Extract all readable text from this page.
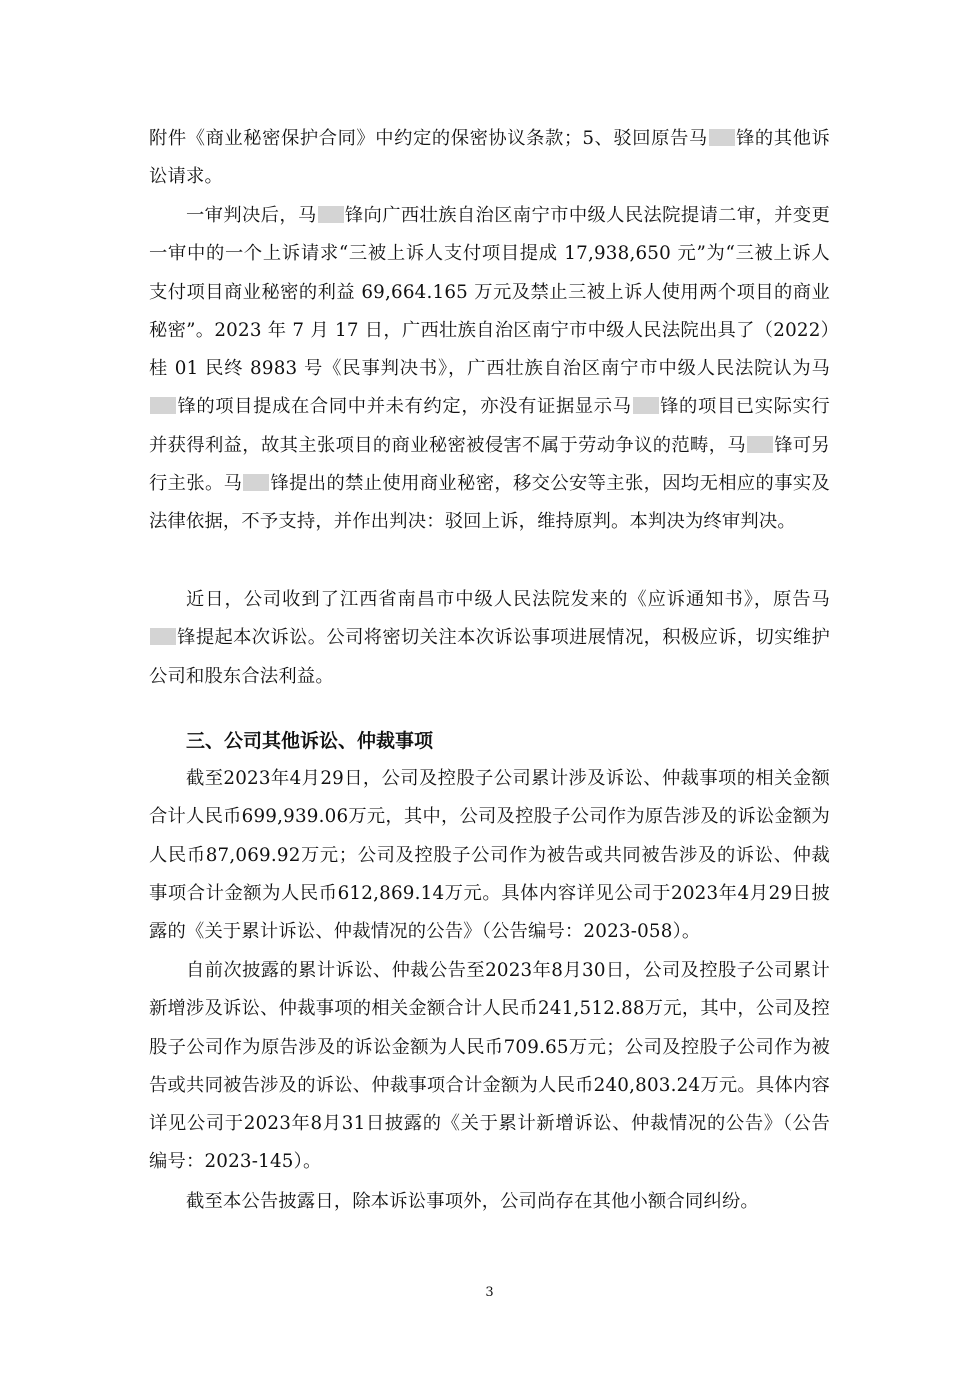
附件《商业秘密保护合同》中约定的保密协议条款；5、驳回原告马 锋的其他诉讼请求。

一审判决后，马 锋向广西壮族自治区南宁市中级人民法院提请二审，并变更一审中的一个上诉请求“三被上诉人支付项目提成 17,938,650 元”为“三被上诉人支付项目商业秘密的利益 69,664.165 万元及禁止三被上诉人使用两个项目的商业秘密”。2023 年 7 月 17 日，广西壮族自治区南宁市中级人民法院出具了（2022）桂 01 民终 8983 号《民事判决书》，广西壮族自治区南宁市中级人民法院认为马锋的项目提成在合同中并未有约定，亦没有证据显示马 锋的项目已实际实行并获得利益，故其主张项目的商业秘密被侵害不属于劳动争议的范畴，马 锋可另行主张。马 锋提出的禁止使用商业秘密，移交公安等主张，因均无相应的事实及法律依据，不予支持，并作出判决：驳回上诉，维持原判。本判决为终审判决。

近日，公司收到了江西省南昌市中级人民法院发来的《应诉通知书》，原告马锋提起本次诉讼。公司将密切关注本次诉讼事项进展情况，积极应诉，切实维护公司和股东合法利益。

三、公司其他诉讼、仲裁事项

截至2023年4月29日，公司及控股子公司累计涉及诉讼、仲裁事项的相关金额合计人民币699,939.06万元，其中，公司及控股子公司作为原告涉及的诉讼金额为人民币87,069.92万元；公司及控股子公司作为被告或共同被告涉及的诉讼、仲裁事项合计金额为人民币612,869.14万元。具体内容详见公司于2023年4月29日披露的《关于累计诉讼、仲裁情况的公告》（公告编号：2023-058）。

自前次披露的累计诉讼、仲裁公告至2023年8月30日，公司及控股子公司累计新增涉及诉讼、仲裁事项的相关金额合计人民币241,512.88万元，其中，公司及控股子公司作为原告涉及的诉讼金额为人民币709.65万元；公司及控股子公司作为被告或共同被告涉及的诉讼、仲裁事项合计金额为人民币240,803.24万元。具体内容详见公司于2023年8月31日披露的《关于累计新增诉讼、仲裁情况的公告》（公告编号：2023-145）。

截至本公告披露日，除本诉讼事项外，公司尚存在其他小额合同纠纷。

3
